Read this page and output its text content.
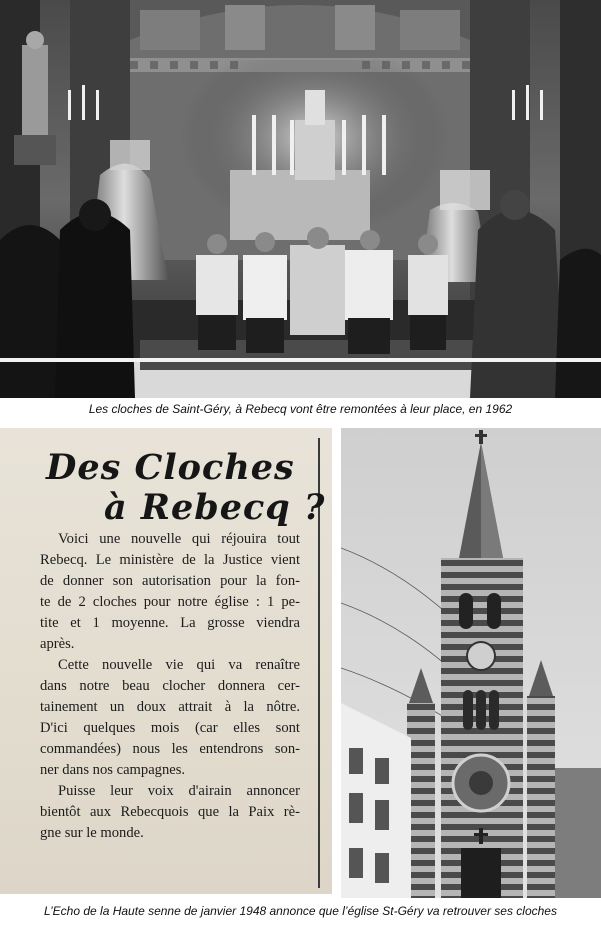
Les cloches de Saint-Géry, à Rebecq vont être remontées à leur place, en 1962
Des Cloches
à Rebecq ?
Voici une nouvelle qui réjouira tout
Rebecq. Le ministère de la Justice vient
de donner son autorisation pour la fon-
te de 2 cloches pour notre église : 1 pe-
tite et 1 moyenne. La grosse viendra
après.
Cette nouvelle vie qui va renaître
dans notre beau clocher donnera cer-
tainement un doux attrait à la nôtre.
D'ici quelques mois (car elles sont
commandées) nous les entendrons son-
ner dans nos campagnes.
Puisse leur voix d'airain annoncer
bientôt aux Rebecquois que la Paix rè-
gne sur le monde.
L’Echo de la Haute senne de janvier 1948 annonce que l’église St-Géry va retrouver ses cloches
